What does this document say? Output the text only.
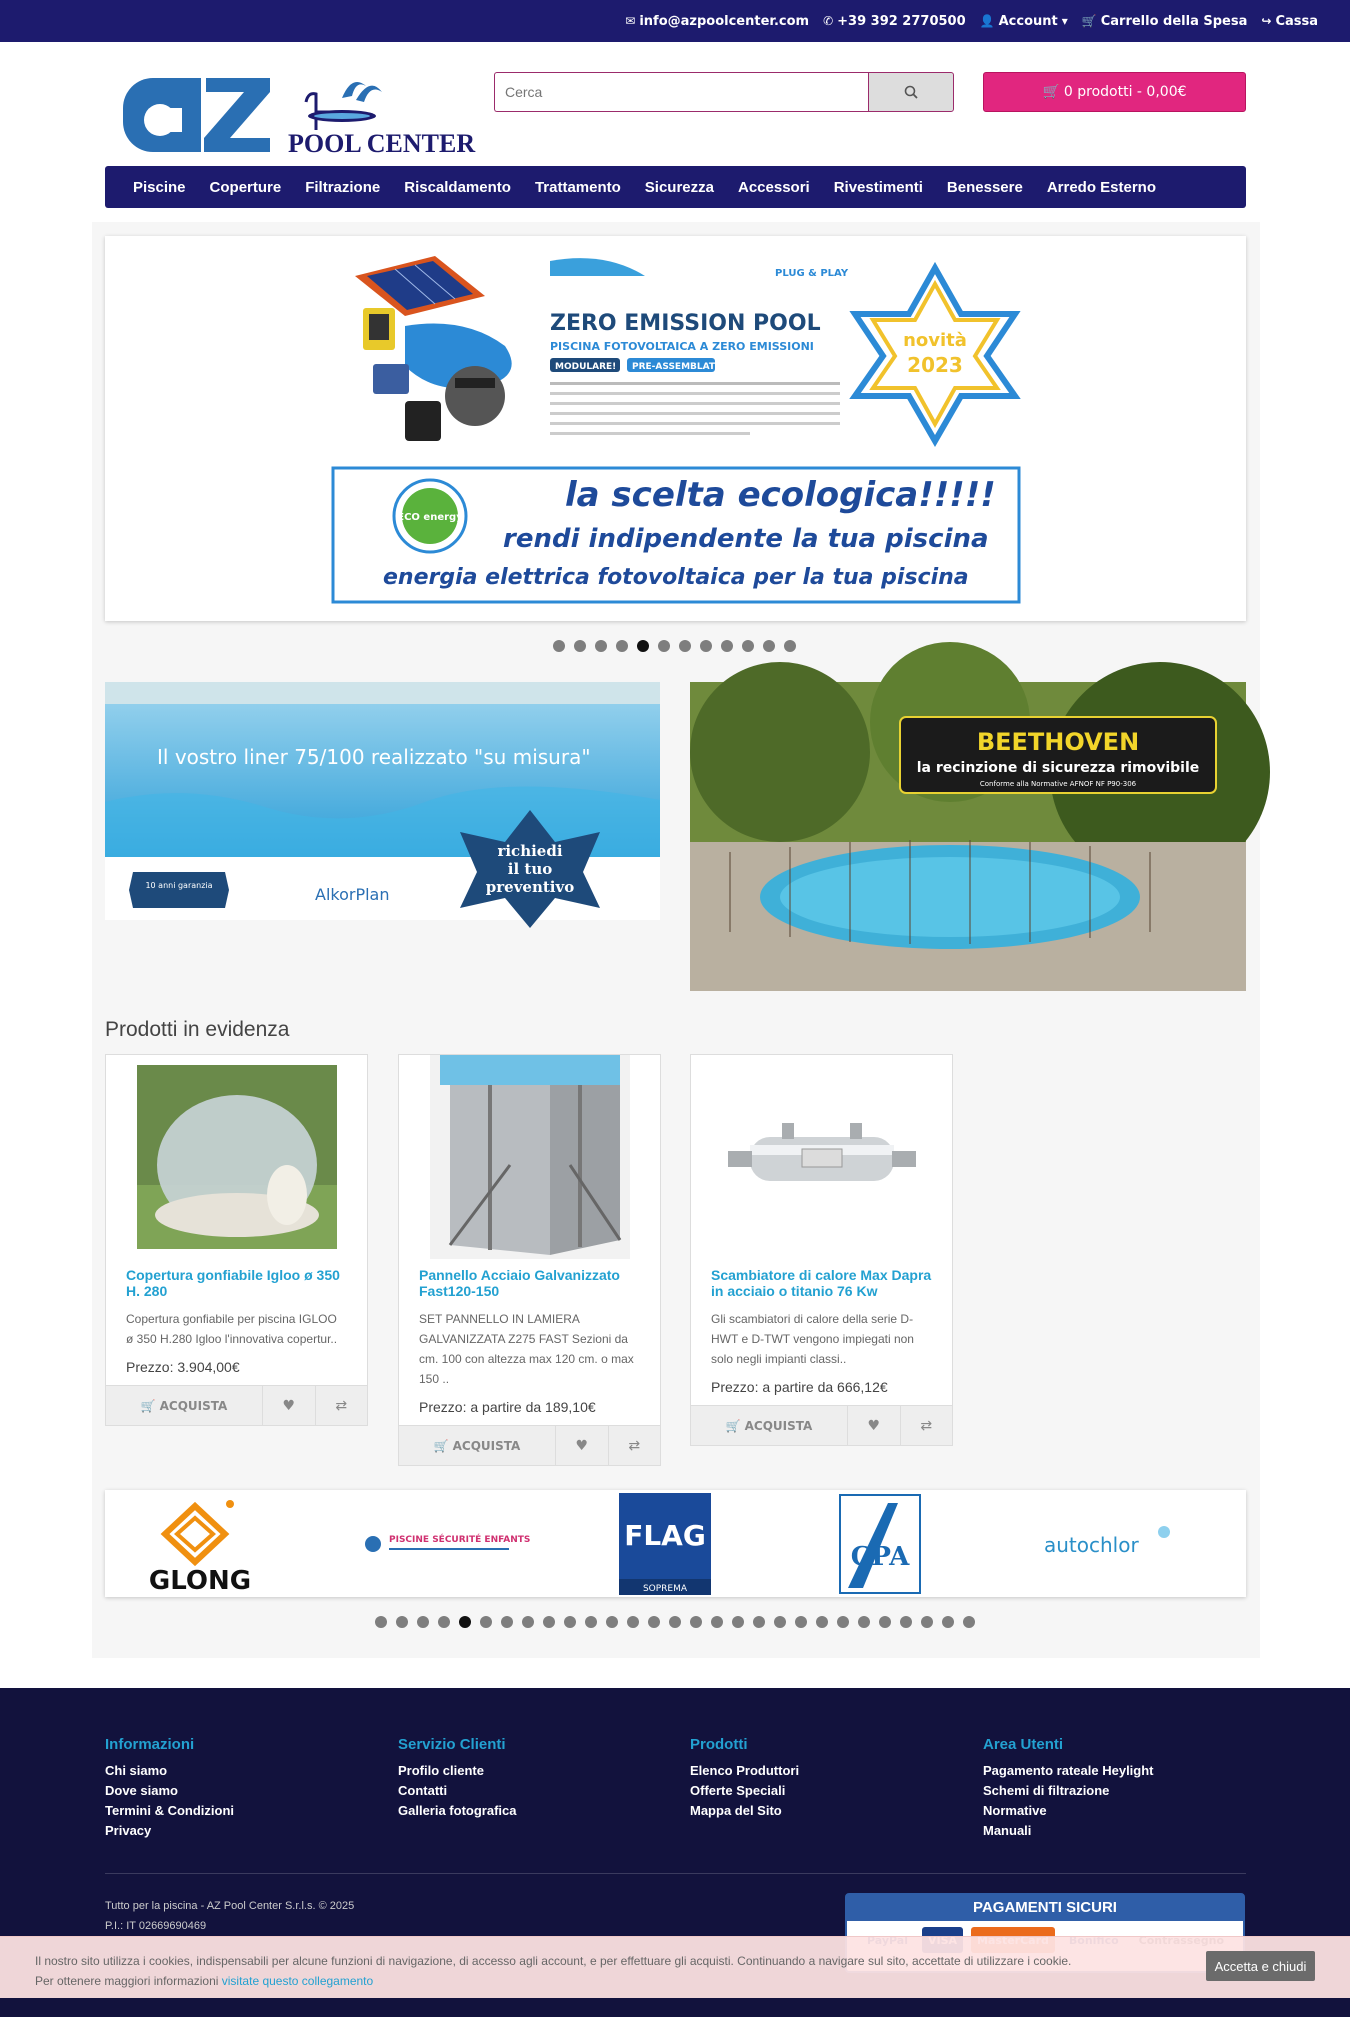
✉ info@azpoolcenter.com ✆ +39 392 2770500 👤 Account ▾ 🛒 Carrello della Spesa ↪ Cassa
POOL CENTER
Cerca
🛒 0 prodotti - 0,00€
Piscine Coperture Filtrazione Riscaldamento Trattamento Sicurezza Accessori Rivestimenti Benessere Arredo Esterno
ZERO EMISSION POOL
PISCINA FOTOVOLTAICA A ZERO EMISSIONI
MODULARE! PRE-ASSEMBLATO!
PLUG & PLAY
novità
2023
ECO energy
la scelta ecologica!!!!!
rendi indipendente la tua piscina
energia elettrica fotovoltaica per la tua piscina
Il vostro liner 75/100 realizzato "su misura"
10 anni garanzia	AlkorPlan
richiedi
il tuo
preventivo
BEETHOVEN
la recinzione di sicurezza rimovibile
Conforme alla Normative AFNOF NF P90-306
Prodotti in evidenza
Copertura gonfiabile Igloo ø 350 H. 280
Copertura gonfiabile per piscina IGLOO ø 350 H.280 Igloo l'innovativa copertur..
Prezzo: 3.904,00€
🛒 ACQUISTA	♥	⇄
Pannello Acciaio Galvanizzato Fast120-150
SET PANNELLO IN LAMIERA GALVANIZZATA Z275 FAST Sezioni da cm. 100 con altezza max 120 cm. o max 150 ..
Prezzo: a partire da 189,10€
🛒 ACQUISTA	♥	⇄
Scambiatore di calore Max Dapra in acciaio o titanio 76 Kw
Gli scambiatori di calore della serie D-HWT e D-TWT vengono impiegati non solo negli impianti classi..
Prezzo: a partire da 666,12€
🛒 ACQUISTA	♥	⇄
GLONG
PISCINE SÉCURITÉ ENFANTS	FLAG
SOPREMA
CPA	autochlor
Informazioni
Chi siamo
Dove siamo
Termini & Condizioni
Privacy
Servizio Clienti
Profilo cliente
Contatti
Galleria fotografica
Prodotti
Elenco Produttori
Offerte Speciali
Mappa del Sito
Area Utenti
Pagamento rateale Heylight
Schemi di filtrazione
Normative
Manuali
Tutto per la piscina - AZ Pool Center S.r.l.s. © 2025
P.I.: IT 02669690469
PAGAMENTI SICURI
Il nostro sito utilizza i cookies, indispensabili per alcune funzioni di navigazione, di accesso agli account, e per effettuare gli acquisti. Continuando a navigare sul sito, accettate di utilizzare i cookie.
Per ottenere maggiori informazioni visitate questo collegamento
Accetta e chiudi
